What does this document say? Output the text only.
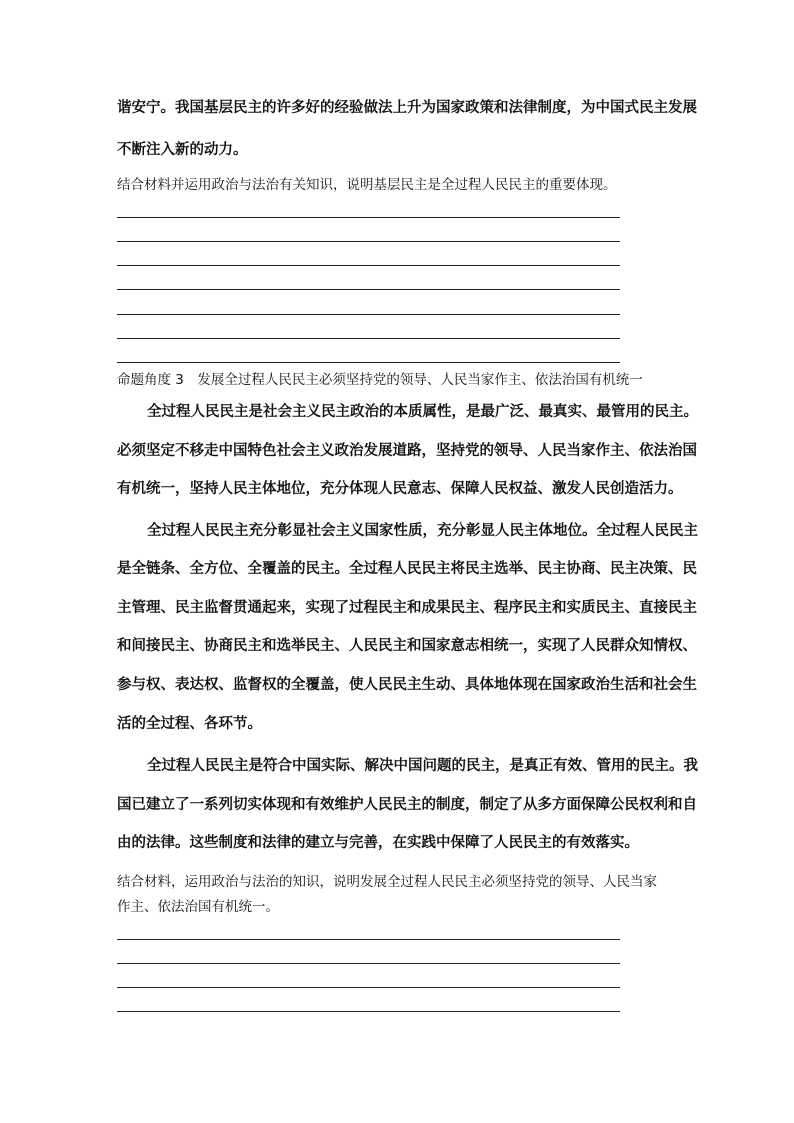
谐安宁。我国基层民主的许多好的经验做法上升为国家政策和法律制度，为中国式民主发展
不断注入新的动力。
结合材料并运用政治与法治有关知识，说明基层民主是全过程人民民主的重要体现。
命题角度 3　发展全过程人民民主必须坚持党的领导、人民当家作主、依法治国有机统一
全过程人民民主是社会主义民主政治的本质属性，是最广泛、最真实、最管用的民主。
必须坚定不移走中国特色社会主义政治发展道路，坚持党的领导、人民当家作主、依法治国
有机统一，坚持人民主体地位，充分体现人民意志、保障人民权益、激发人民创造活力。
全过程人民民主充分彰显社会主义国家性质，充分彰显人民主体地位。全过程人民民主
是全链条、全方位、全覆盖的民主。全过程人民民主将民主选举、民主协商、民主决策、民
主管理、民主监督贯通起来，实现了过程民主和成果民主、程序民主和实质民主、直接民主
和间接民主、协商民主和选举民主、人民民主和国家意志相统一，实现了人民群众知情权、
参与权、表达权、监督权的全覆盖，使人民民主生动、具体地体现在国家政治生活和社会生
活的全过程、各环节。
全过程人民民主是符合中国实际、解决中国问题的民主，是真正有效、管用的民主。我
国已建立了一系列切实体现和有效维护人民民主的制度，制定了从多方面保障公民权利和自
由的法律。这些制度和法律的建立与完善，在实践中保障了人民民主的有效落实。
结合材料，运用政治与法治的知识，说明发展全过程人民民主必须坚持党的领导、人民当家
作主、依法治国有机统一。
